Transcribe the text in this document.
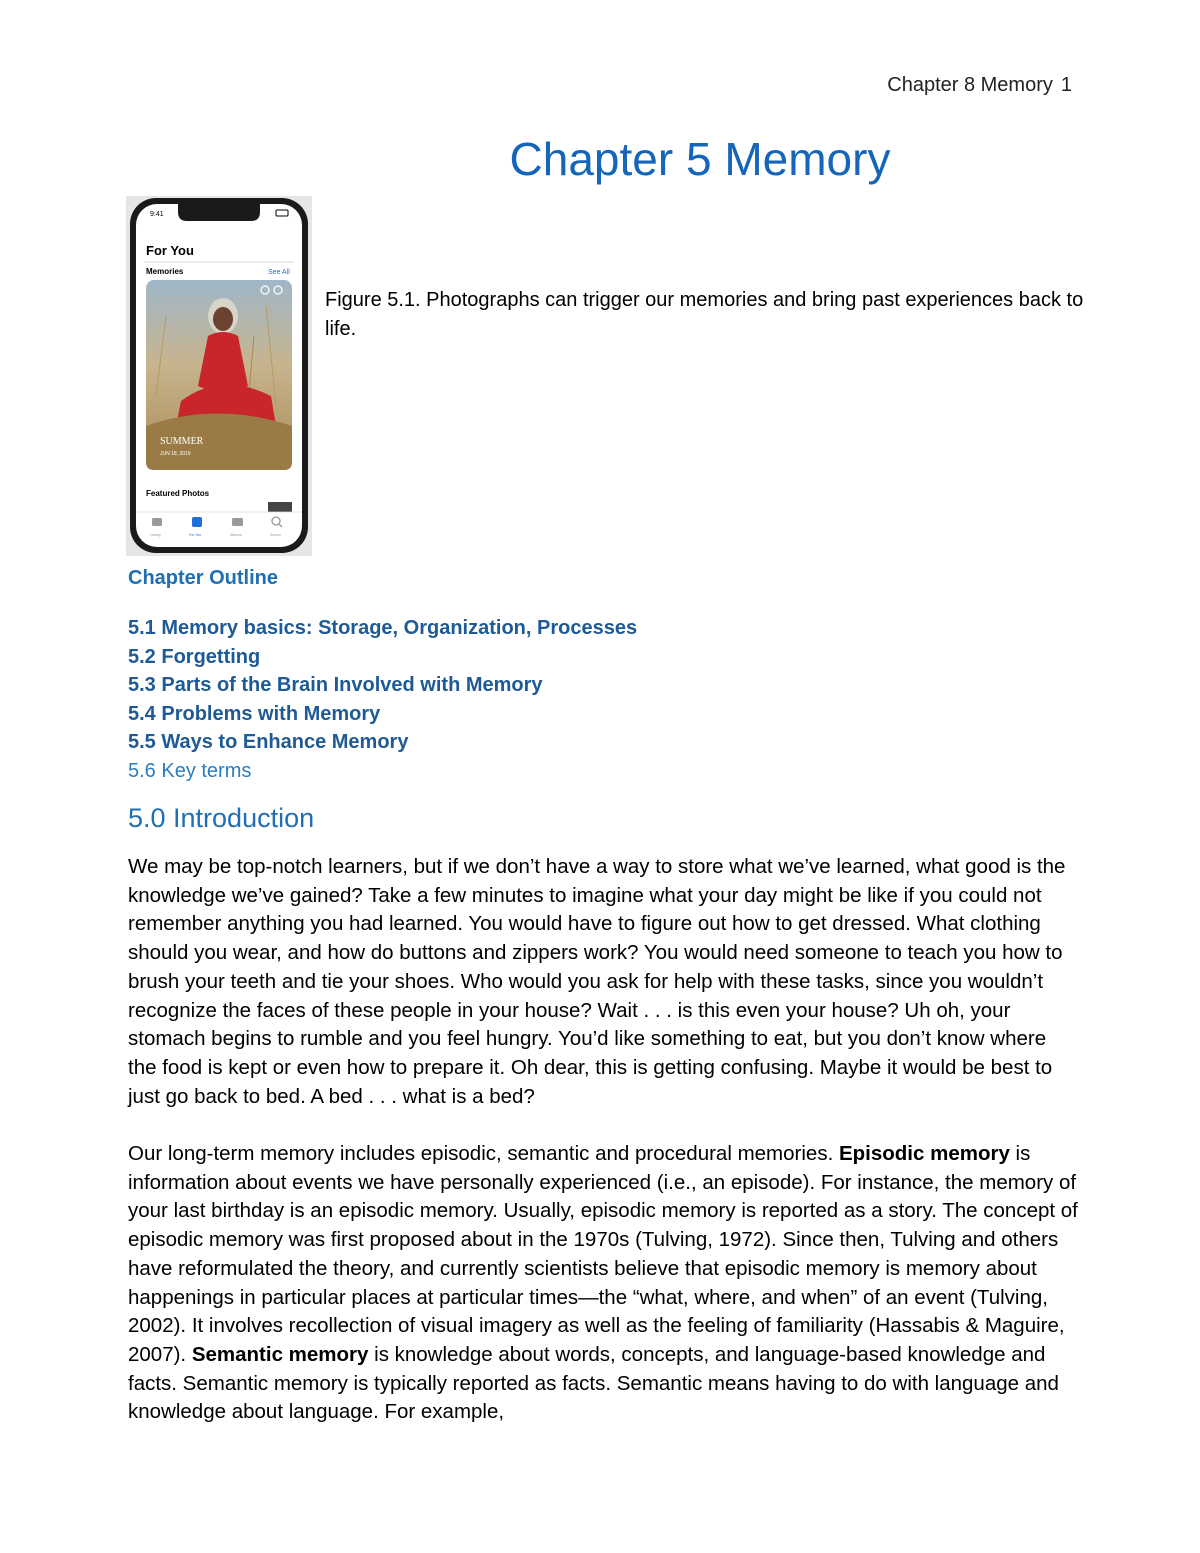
Chapter 8 Memory 1
Chapter 5 Memory
9:41
For You
Memories	See All
SUMMER
JUN 18, 2019
Featured Photos
Library	For You	Albums	Search

Figure 5.1. Photographs can trigger our memories and bring past experiences back to life.

Chapter Outline
5.1 Memory basics: Storage, Organization, Processes
5.2 Forgetting
5.3 Parts of the Brain Involved with Memory
5.4 Problems with Memory
5.5 Ways to Enhance Memory
5.6 Key terms
5.0 Introduction

We may be top-notch learners, but if we don’t have a way to store what we’ve learned, what good is the knowledge we’ve gained? Take a few minutes to imagine what your day might be like if you could not remember anything you had learned. You would have to figure out how to get dressed. What clothing should you wear, and how do buttons and zippers work? You would need someone to teach you how to brush your teeth and tie your shoes. Who would you ask for help with these tasks, since you wouldn’t recognize the faces of these people in your house? Wait . . . is this even your house? Uh oh, your stomach begins to rumble and you feel hungry. You’d like something to eat, but you don’t know where the food is kept or even how to prepare it. Oh dear, this is getting confusing. Maybe it would be best to just go back to bed. A bed . . . what is a bed?

Our long-term memory includes episodic, semantic and procedural memories. Episodic memory is information about events we have personally experienced (i.e., an episode). For instance, the memory of your last birthday is an episodic memory. Usually, episodic memory is reported as a story. The concept of episodic memory was first proposed about in the 1970s (Tulving, 1972). Since then, Tulving and others have reformulated the theory, and currently scientists believe that episodic memory is memory about happenings in particular places at particular times—the “what, where, and when” of an event (Tulving, 2002). It involves recollection of visual imagery as well as the feeling of familiarity (Hassabis & Maguire, 2007). Semantic memory is knowledge about words, concepts, and language-based knowledge and facts. Semantic memory is typically reported as facts. Semantic means having to do with language and knowledge about language. For example,
